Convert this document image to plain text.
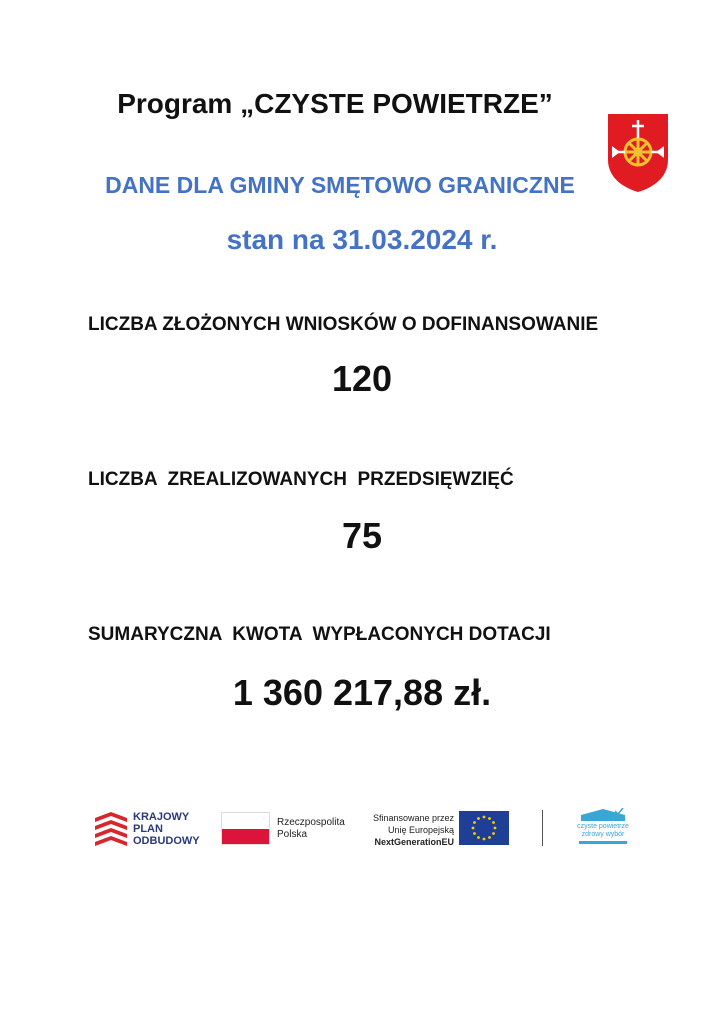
Program „CZYSTE POWIETRZE”
DANE DLA GMINY SMĘTOWO GRANICZNE
stan na 31.03.2024 r.
LICZBA ZŁOŻONYCH WNIOSKÓW O DOFINANSOWANIE
120
LICZBA  ZREALIZOWANYCH  PRZEDSIĘWZIĘĆ
75
SUMARYCZNA  KWOTA  WYPŁACONYCH DOTACJI
1 360 217,88 zł.
KRAJOWY
PLAN
ODBUDOWY
Rzeczpospolita
Polska
Sfinansowane przez
Unię Europejską
NextGenerationEU
czyste powietrze
zdrowy wybór
